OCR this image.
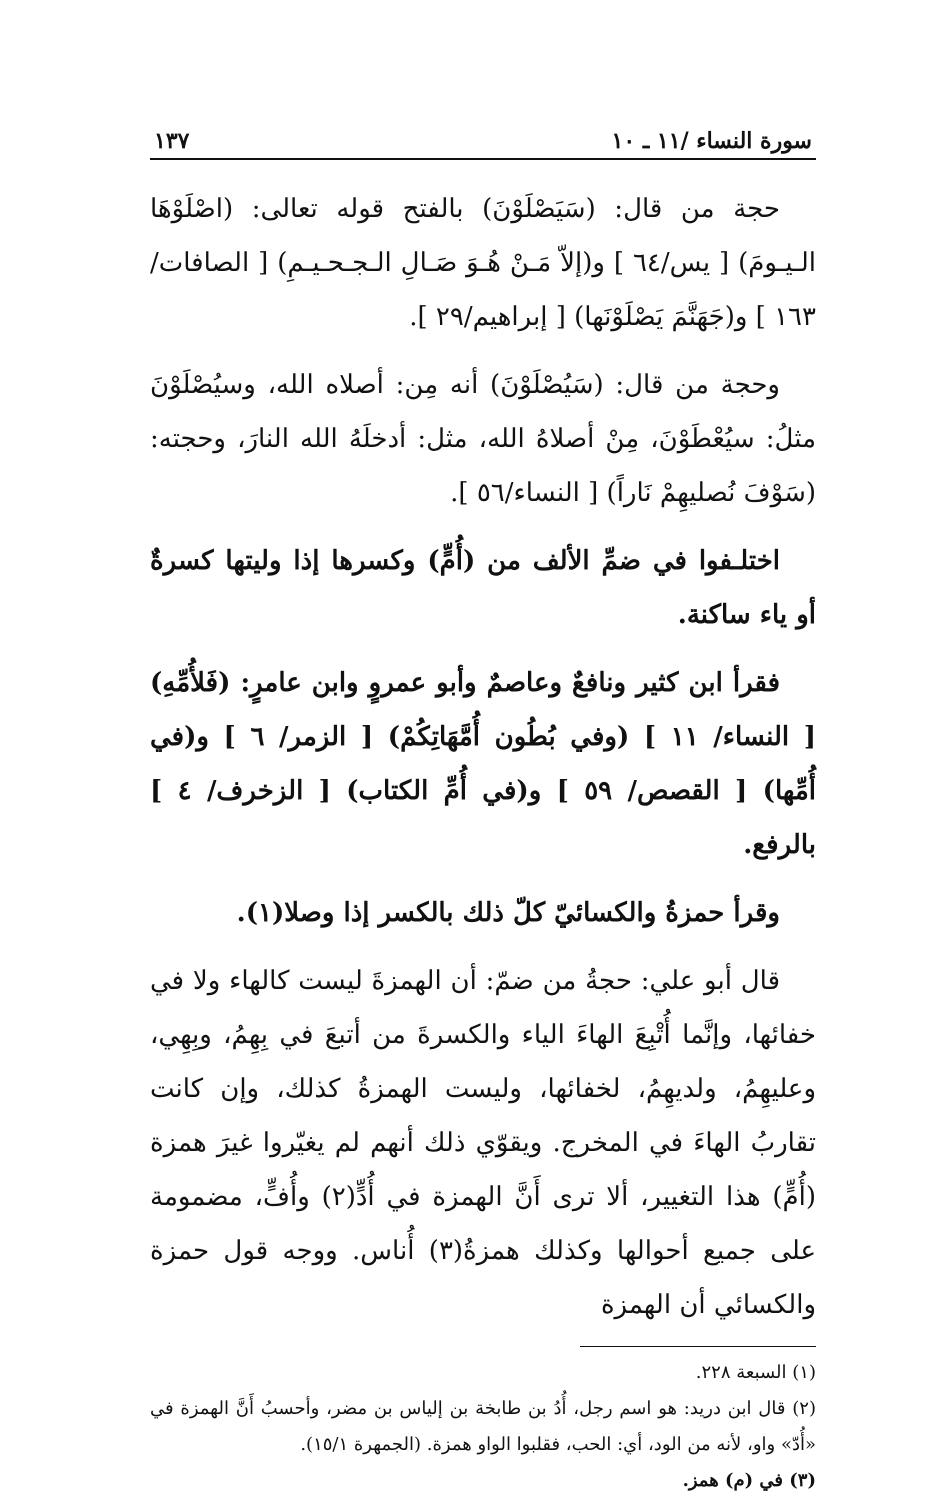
سورة النساء /١١ ـ ١٠
١٣٧

حجة من قال: (سَيَصْلَوْنَ) بالفتح قوله تعالى: (اصْلَوْهَا الـيـومَ) [ يس/٦٤ ] و(إلاّ مَـنْ هُـوَ صَـالِ الـجـحـيـمِ) [ الصافات/١٦٣ ] و(جَهَنَّمَ يَصْلَوْنَها) [ إبراهيم/٢٩ ].

وحجة من قال: (سَيُصْلَوْنَ) أنه مِن: أصلاه الله، وسيُصْلَوْنَ مثلُ: سيُعْطَوْنَ، مِنْ أصلاهُ الله، مثل: أدخلَهُ الله النارَ، وحجته: (سَوْفَ نُصليهِمْ نَاراً) [ النساء/٥٦ ].

اختلـفوا في ضمِّ الألف من (أُمٍّ) وكسرها إذا وليتها كسرةٌ أو ياء ساكنة.

فقرأ ابن كثير ونافعٌ وعاصمٌ وأبو عمروٍ وابن عامرٍ: (فَلأُمِّهِ) [ النساء/ ١١ ] (وفي بُطُون أُمَّهَاتِكُمْ) [ الزمر/ ٦ ] و(في أُمِّها) [ القصص/ ٥٩ ] و(في أُمِّ الكتاب) [ الزخرف/ ٤ ] بالرفع.

وقرأ حمزةُ والكسائيّ كلّ ذلك بالكسر إذا وصلا(١).

قال أبو علي: حجةُ من ضمّ: أن الهمزةَ ليست كالهاء ولا في خفائها، وإنَّما أُتْبِعَ الهاءَ الياء والكسرةَ من أتبعَ في بِهِمُ، وبِهِي، وعليهِمُ، ولديهِمُ، لخفائها، وليست الهمزةُ كذلك، وإن كانت تقاربُ الهاءَ في المخرج. ويقوّي ذلك أنهم لم يغيّروا غيرَ همزة (أُمٍّ) هذا التغيير، ألا ترى أَنَّ الهمزة في أُدٍّ(٢) وأُفٍّ، مضمومة على جميع أحوالها وكذلك همزةُ(٣) أُناس. ووجه قول حمزة والكسائي أن الهمزة

(١) السبعة ٢٢٨.

(٢) قال ابن دريد: هو اسم رجل، أُدُ بن طابخة بن إلياس بن مضر، وأحسبُ أَنَّ الهمزة في «أُدّ» واو، لأنه من الود، أي: الحب، فقلبوا الواو همزة. (الجمهرة ١٥/١).

(٣) في (م) همز.
